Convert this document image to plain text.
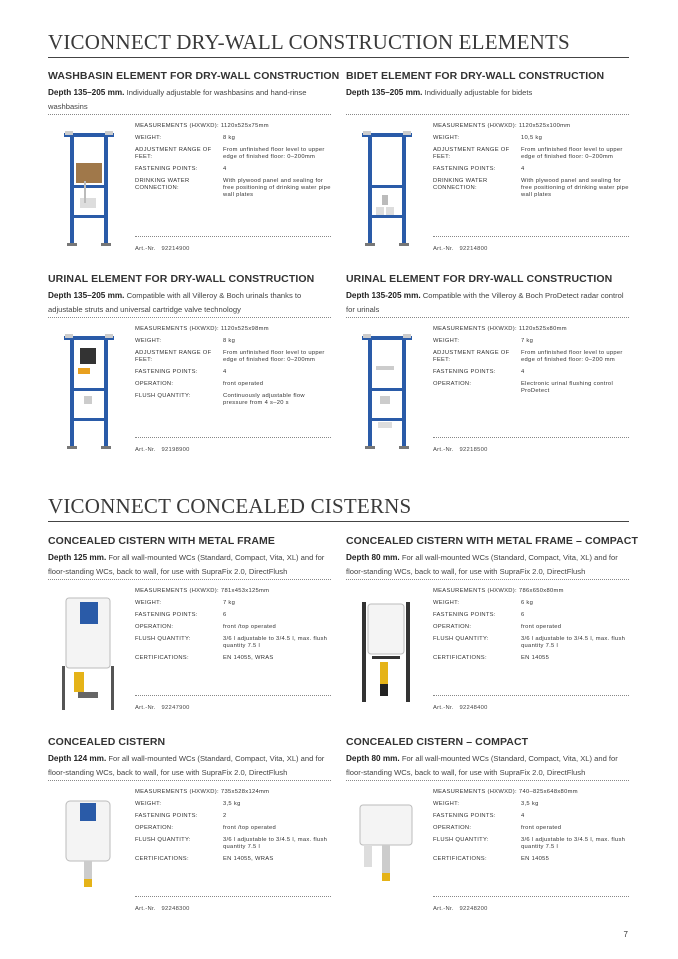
VICONNECT DRY-WALL CONSTRUCTION ELEMENTS
VICONNECT CONCEALED CISTERNS
WASHBASIN ELEMENT FOR DRY-WALL CONSTRUCTION
Depth 135–205 mm. Individually adjustable for washbasins and hand-rinse washbasins
MEASUREMENTS (HXWXD): 1120x525x75mm
WEIGHT:	8 kg
ADJUSTMENT RANGE OF FEET:
From unfinished floor level to upper edge of finished floor: 0–200mm
FASTENING POINTS:	4
DRINKING WATER CONNECTION:
With plywood panel and sealing for free positioning of drinking water pipe wall plates
Art.-Nr. 92214900
BIDET ELEMENT FOR DRY-WALL CONSTRUCTION
Depth 135–205 mm. Individually adjustable for bidets
MEASUREMENTS (HXWXD): 1120x525x100mm
WEIGHT:	10,5 kg
ADJUSTMENT RANGE OF FEET:
From unfinished floor level to upper edge of finished floor: 0–200mm
FASTENING POINTS:	4
DRINKING WATER CONNECTION:
With plywood panel and sealing for free positioning of drinking water pipe wall plates
Art.-Nr. 92214800
URINAL ELEMENT FOR DRY-WALL CONSTRUCTION
Depth 135–205 mm. Compatible with all Villeroy & Boch urinals thanks to adjustable struts and universal cartridge valve technology
MEASUREMENTS (HXWXD): 1120x525x98mm
WEIGHT:	8 kg
ADJUSTMENT RANGE OF FEET:
From unfinished floor level to upper edge of finished floor: 0–200mm
FASTENING POINTS:	4
OPERATION:	front operated
FLUSH QUANTITY:	Continuously adjustable flow pressure from 4 s–20 s
Art.-Nr. 92198900
URINAL ELEMENT FOR DRY-WALL CONSTRUCTION
Depth 135-205 mm. Compatible with the Villeroy & Boch ProDetect radar control for urinals
MEASUREMENTS (HXWXD): 1120x525x80mm
WEIGHT:	7 kg
ADJUSTMENT RANGE OF FEET:
From unfinished floor level to upper edge of finished floor: 0–200 mm
FASTENING POINTS:	4
OPERATION:	Electronic urinal flushing control ProDetect
Art.-Nr. 92218500
CONCEALED CISTERN WITH METAL FRAME
Depth 125 mm. For all wall-mounted WCs (Standard, Compact, Vita, XL) and for floor-standing WCs, back to wall, for use with SupraFix 2.0, DirectFlush
MEASUREMENTS (HXWXD): 781x453x125mm
WEIGHT:	7 kg
FASTENING POINTS:	6
OPERATION:	front /top operated
FLUSH QUANTITY:	3/6 l adjustable to 3/4.5 l, max. flush quantity 7.5 l
CERTIFICATIONS:	EN 14055, WRAS
Art.-Nr. 92247900
CONCEALED CISTERN WITH METAL FRAME – COMPACT
Depth 80 mm. For all wall-mounted WCs (Standard, Compact, Vita, XL) and for floor-standing WCs, back to wall, for use with SupraFix 2.0, DirectFlush
MEASUREMENTS (HXWXD): 786x650x80mm
WEIGHT:	6 kg
FASTENING POINTS:	6
OPERATION:	front operated
FLUSH QUANTITY:	3/6 l adjustable to 3/4.5 l, max. flush quantity 7.5 l
CERTIFICATIONS:	EN 14055
Art.-Nr. 92248400
CONCEALED CISTERN
Depth 124 mm. For all wall-mounted WCs (Standard, Compact, Vita, XL) and for floor-standing WCs, back to wall, for use with SupraFix 2.0, DirectFlush
MEASUREMENTS (HXWXD): 735x528x124mm
WEIGHT:	3,5 kg
FASTENING POINTS:	2
OPERATION:	front /top operated
FLUSH QUANTITY:	3/6 l adjustable to 3/4.5 l, max. flush quantity 7.5 l
CERTIFICATIONS:	EN 14055, WRAS
Art.-Nr. 92248300
CONCEALED CISTERN – COMPACT
Depth 80 mm. For all wall-mounted WCs (Standard, Compact, Vita, XL) and for floor-standing WCs, back to wall, for use with SupraFix 2.0, DirectFlush
MEASUREMENTS (HXWXD): 740–825x648x80mm
WEIGHT:	3,5 kg
FASTENING POINTS:	4
OPERATION:	front operated
FLUSH QUANTITY:	3/6 l adjustable to 3/4.5 l, max. flush quantity 7.5 l
CERTIFICATIONS:	EN 14055
Art.-Nr. 92248200
7
